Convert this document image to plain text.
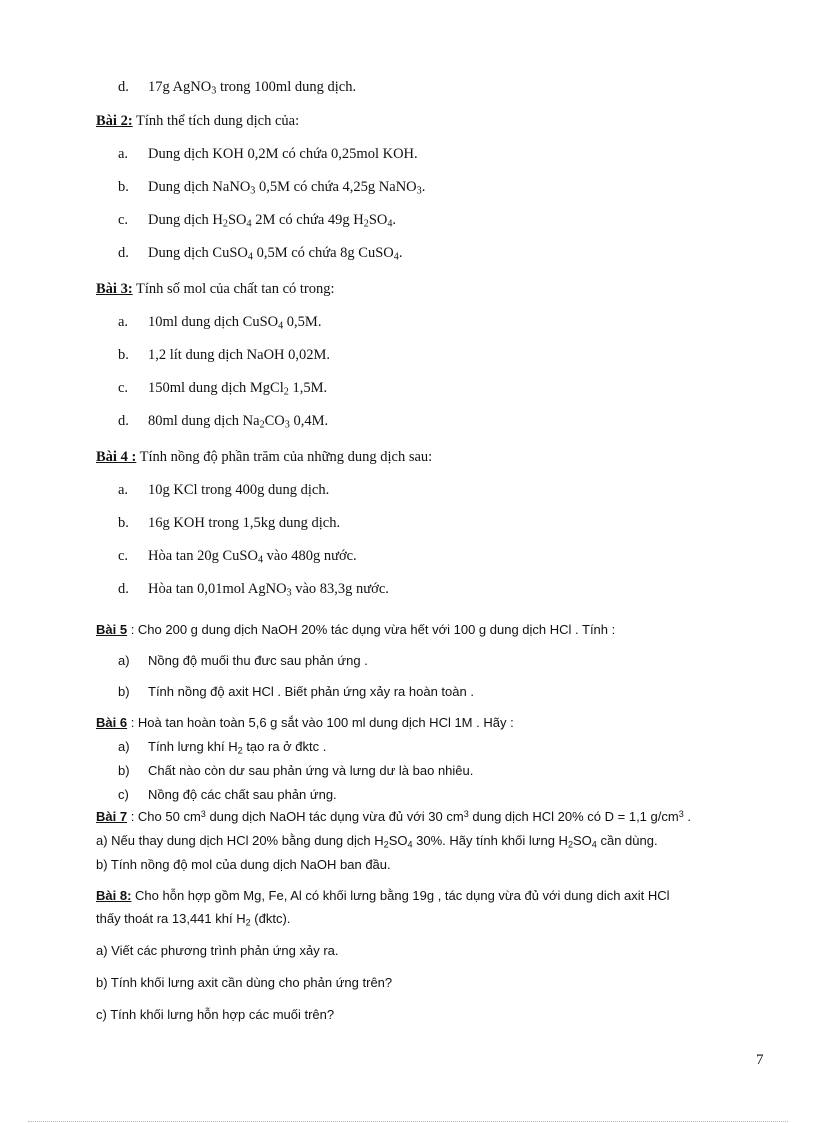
d. 17g AgNO$_3$ trong 100ml dung dịch.
Bài 2: Tính thể tích dung dịch của:
a. Dung dịch KOH 0,2M có chứa 0,25mol KOH.
b. Dung dịch NaNO$_3$ 0,5M có chứa 4,25g NaNO$_3$.
c. Dung dịch $H_2SO_4$ 2M có chứa 49g $H_2SO_4$.
d. Dung dịch CuSO$_4$ 0,5M có chứa 8g CuSO$_4$.
Bài 3: Tính số mol của chất tan có trong:
a. 10ml dung dịch CuSO$_4$ 0,5M.
b. 1,2 lít dung dịch NaOH 0,02M.
c. 150ml dung dịch MgCl$_2$ 1,5M.
d. 80ml dung dịch $Na_2CO_3$ 0,4M.
Bài 4 : Tính nồng độ phần trăm của những dung dịch sau:
a. 10g KCl trong 400g dung dịch.
b. 16g KOH trong 1,5kg dung dịch.
c. Hòa tan 20g CuSO$_4$ vào 480g nước.
d. Hòa tan 0,01mol AgNO$_3$ vào 83,3g nước.
Bài 5 : Cho 200 g dung dịch NaOH 20% tác dụng vừa hết với 100 g dung dịch HCl . Tính :
a) Nồng độ muối thu đưc sau phản ứng .
b) Tính nồng độ axit HCl . Biết phản ứng xảy ra hoàn toàn .
Bài 6 : Hoà tan hoàn toàn 5,6 g sắt vào 100 ml dung dịch HCl 1M . Hãy :
a) Tính lưng khí $H_2$ tạo ra ở đktc .
b) Chất nào còn dư sau phản ứng và lưng dư là bao nhiêu.
c) Nồng độ các chất sau phản ứng.
Bài 7 : Cho 50 $cm^3$ dung dịch NaOH tác dụng vừa đủ với 30 $cm^3$ dung dịch HCl 20% có D = 1,1 $g/cm^3$ .
a) Nếu thay dung dịch HCl 20% bằng dung dịch $H_2SO_4$ 30%. Hãy tính khối lưng $H_2SO_4$ cần dùng.
b) Tính nồng độ mol của dung dịch NaOH ban đầu.
Bài 8: Cho hỗn hợp gồm Mg, Fe, Al có khối lưng bằng 19g , tác dụng vừa đủ với dung dich axit HCl
thấy thoát ra 13,441 khí $H_2$ (đktc).
a) Viết các phương trình phản ứng xảy ra.
b) Tính khối lưng axit cần dùng cho phản ứng trên?
c) Tính khối lưng hỗn hợp các muối trên?
7
